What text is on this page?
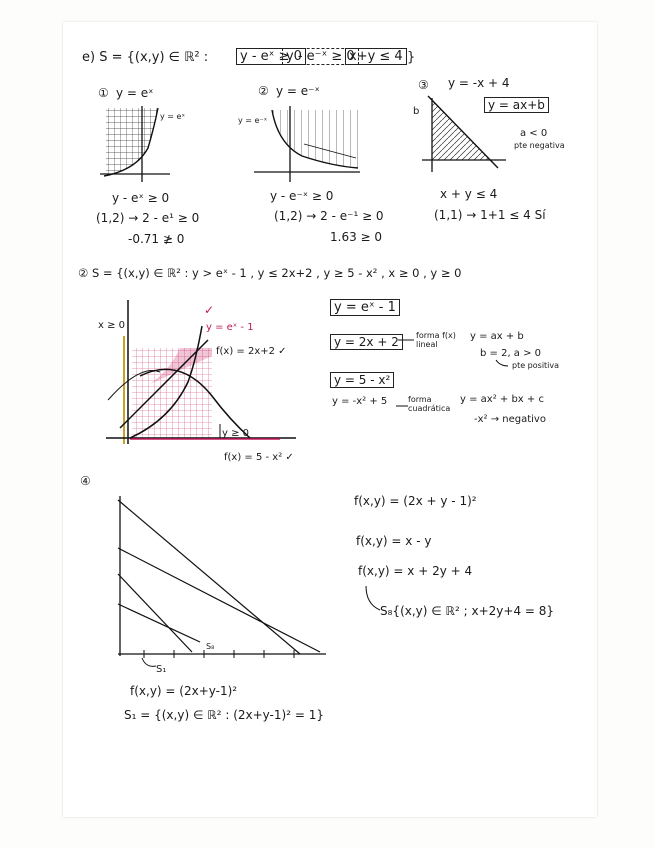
e) S = {(x,y) ∈ ℝ² :	y - eˣ ≥ 0
y - e⁻ˣ ≥ 0
x+y ≤ 4 }
① y = eˣ	② y = e⁻ˣ	③ y = -x + 4
y = ax+b
a < 0
pte negativa
b
y = eˣ	y = e⁻ˣ
y - eˣ ≥ 0
(1,2) → 2 - e¹ ≥ 0
-0.71 ≱ 0
y - e⁻ˣ ≥ 0
(1,2) → 2 - e⁻¹ ≥ 0
1.63 ≥ 0
x + y ≤ 4
(1,1) → 1+1 ≤ 4 Sí
② S = {(x,y) ∈ ℝ² : y > eˣ - 1 , y ≤ 2x+2 , y ≥ 5 - x² , x ≥ 0 , y ≥ 0
x ≥ 0	y = eˣ - 1
✓
f(x) = 2x+2 ✓
y ≥ 0
f(x) = 5 - x² ✓
y = eˣ - 1
y = 2x + 2	forma f(x) lineal
y = ax + b
b = 2, a > 0
pte positiva
y = 5 - x²
y = -x² + 5	forma cuadrática
y = ax² + bx + c
-x² → negativo
④
S₁
S₈
f(x,y) = (2x + y - 1)²
f(x,y) = x - y
f(x,y) = x + 2y + 4
S₈{(x,y) ∈ ℝ² ; x+2y+4 = 8}
f(x,y) = (2x+y-1)²
S₁ = {(x,y) ∈ ℝ² : (2x+y-1)² = 1}
